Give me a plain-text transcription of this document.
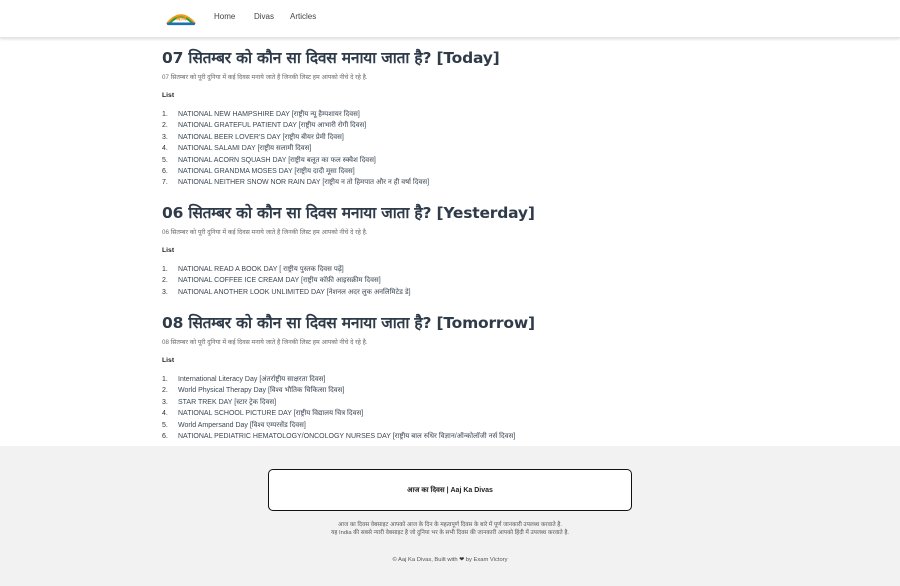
आज	Home Divas Articles
07 सितम्बर को कौन सा दिवस मनाया जाता है? [Today]

07 सितम्बर को पूरी दुनिया में कई दिवस मनाये जाते है जिनकी लिस्ट हम आपको नीचे दे रहे है.

List

1.	NATIONAL NEW HAMPSHIRE DAY [राष्ट्रीय न्यू हैम्पशायर दिवस]
2.	NATIONAL GRATEFUL PATIENT DAY [राष्ट्रीय आभारी रोगी दिवस]
3.	NATIONAL BEER LOVER'S DAY [राष्ट्रीय बीयर प्रेमी दिवस]
4.	NATIONAL SALAMI DAY [राष्ट्रीय सलामी दिवस]
5.	NATIONAL ACORN SQUASH DAY [राष्ट्रीय बलूत का फल स्क्वैश दिवस]
6.	NATIONAL GRANDMA MOSES DAY [राष्ट्रीय दादी मूसा दिवस]
7.	NATIONAL NEITHER SNOW NOR RAIN DAY [राष्ट्रीय न तो हिमपात और न ही वर्षा दिवस]
06 सितम्बर को कौन सा दिवस मनाया जाता है? [Yesterday]

06 सितम्बर को पूरी दुनिया में कई दिवस मनाये जाते है जिनकी लिस्ट हम आपको नीचे दे रहे है.

List

1.	NATIONAL READ A BOOK DAY [ राष्ट्रीय पुस्तक दिवस पढ़ें]
2.	NATIONAL COFFEE ICE CREAM DAY [राष्ट्रीय कॉफ़ी आइसक्रीम दिवस]
3.	NATIONAL ANOTHER LOOK UNLIMITED DAY [नेशनल अदर लुक अनलिमिटेड डे]
08 सितम्बर को कौन सा दिवस मनाया जाता है? [Tomorrow]

08 सितम्बर को पूरी दुनिया में कई दिवस मनाये जाते है जिनकी लिस्ट हम आपको नीचे दे रहे है.

List

1.	International Literacy Day [अंतर्राष्ट्रीय साक्षरता दिवस]
2.	World Physical Therapy Day [विश्व भौतिक चिकित्सा दिवस]
3.	STAR TREK DAY [स्टार ट्रेक दिवस]
4.	NATIONAL SCHOOL PICTURE DAY [राष्ट्रीय विद्यालय चित्र दिवस]
5.	World Ampersand Day [विश्व एम्परसेंड दिवस]
6.	NATIONAL PEDIATRIC HEMATOLOGY/ONCOLOGY NURSES DAY [राष्ट्रीय बाल रुधिर विज्ञान/ऑन्कोलॉजी नर्स दिवस]
आज का दिवस | Aaj Ka Divas
आज का दिवस वेबसाइट आपको आज के दिन के महत्वपूर्ण दिवस के बारे में पूर्ण जानकारी उपलब्ध करवाते है.
यह India की सबसे न्यारी वेबसाइट है जो दुनिया भर के सभी दिवस की जानकारी आपको हिंदी में उपलब्ध करवाते है.
© Aaj Ka Divas, Built with ❤ by Exam Victory
